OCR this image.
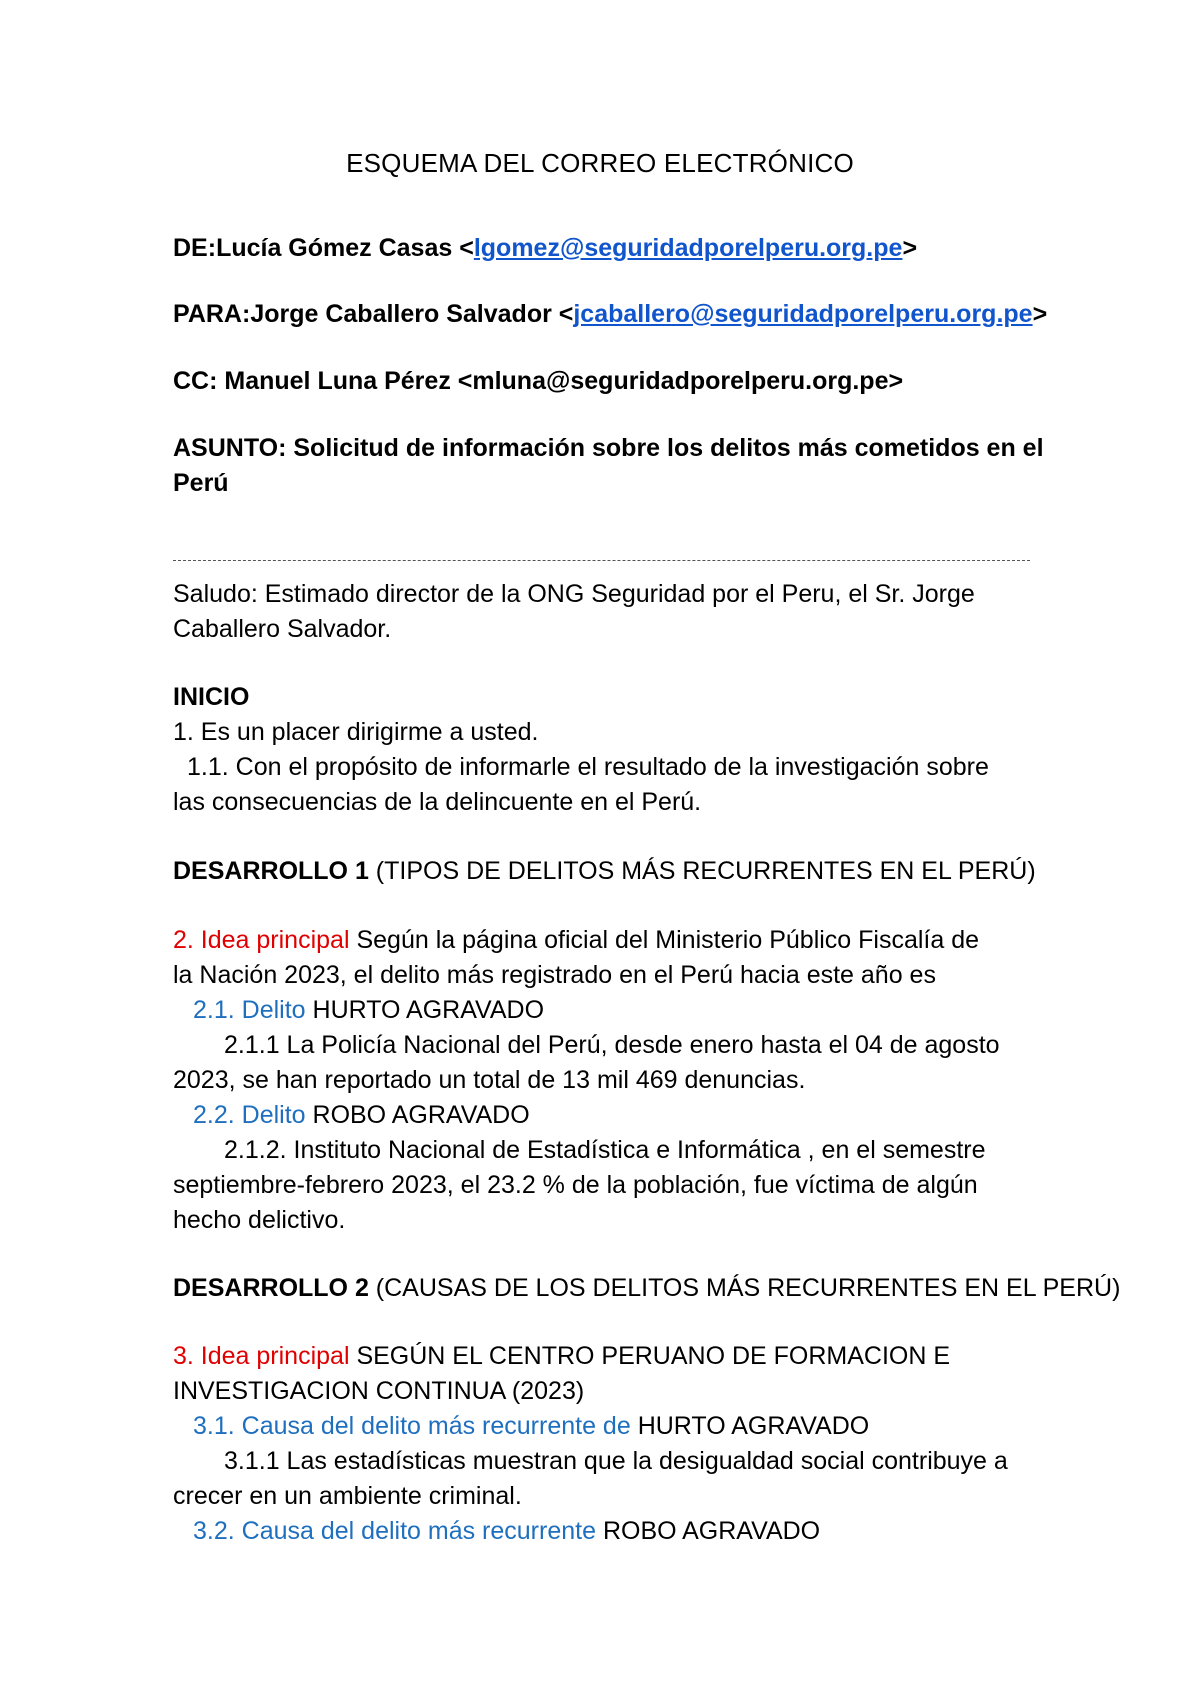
ESQUEMA DEL CORREO ELECTRÓNICO
DE:Lucía Gómez Casas <lgomez@seguridadporelperu.org.pe>
PARA:Jorge Caballero Salvador <jcaballero@seguridadporelperu.org.pe>
CC: Manuel Luna Pérez <mluna@seguridadporelperu.org.pe>
ASUNTO: Solicitud de información sobre los delitos más cometidos en el
Perú
Saludo: Estimado director de la ONG Seguridad por el Peru, el Sr. Jorge
Caballero Salvador.
INICIO
1. Es un placer dirigirme a usted.
1.1. Con el propósito de informarle el resultado de la investigación sobre
las consecuencias de la delincuente en el Perú.
DESARROLLO 1 (TIPOS DE DELITOS MÁS RECURRENTES EN EL PERÚ)
2. Idea principal Según la página oficial del Ministerio Público Fiscalía de
la Nación 2023, el delito más registrado en el Perú hacia este año es
2.1. Delito HURTO AGRAVADO
2.1.1 La Policía Nacional del Perú, desde enero hasta el 04 de agosto
2023, se han reportado un total de 13 mil 469 denuncias.
2.2. Delito ROBO AGRAVADO
2.1.2. Instituto Nacional de Estadística e Informática , en el semestre
septiembre-febrero 2023, el 23.2 % de la población, fue víctima de algún
hecho delictivo.
DESARROLLO 2 (CAUSAS DE LOS DELITOS MÁS RECURRENTES EN EL PERÚ)
3. Idea principal SEGÚN EL CENTRO PERUANO DE FORMACION E
INVESTIGACION CONTINUA (2023)
3.1. Causa del delito más recurrente de HURTO AGRAVADO
3.1.1 Las estadísticas muestran que la desigualdad social contribuye a
crecer en un ambiente criminal.
3.2. Causa del delito más recurrente ROBO AGRAVADO
